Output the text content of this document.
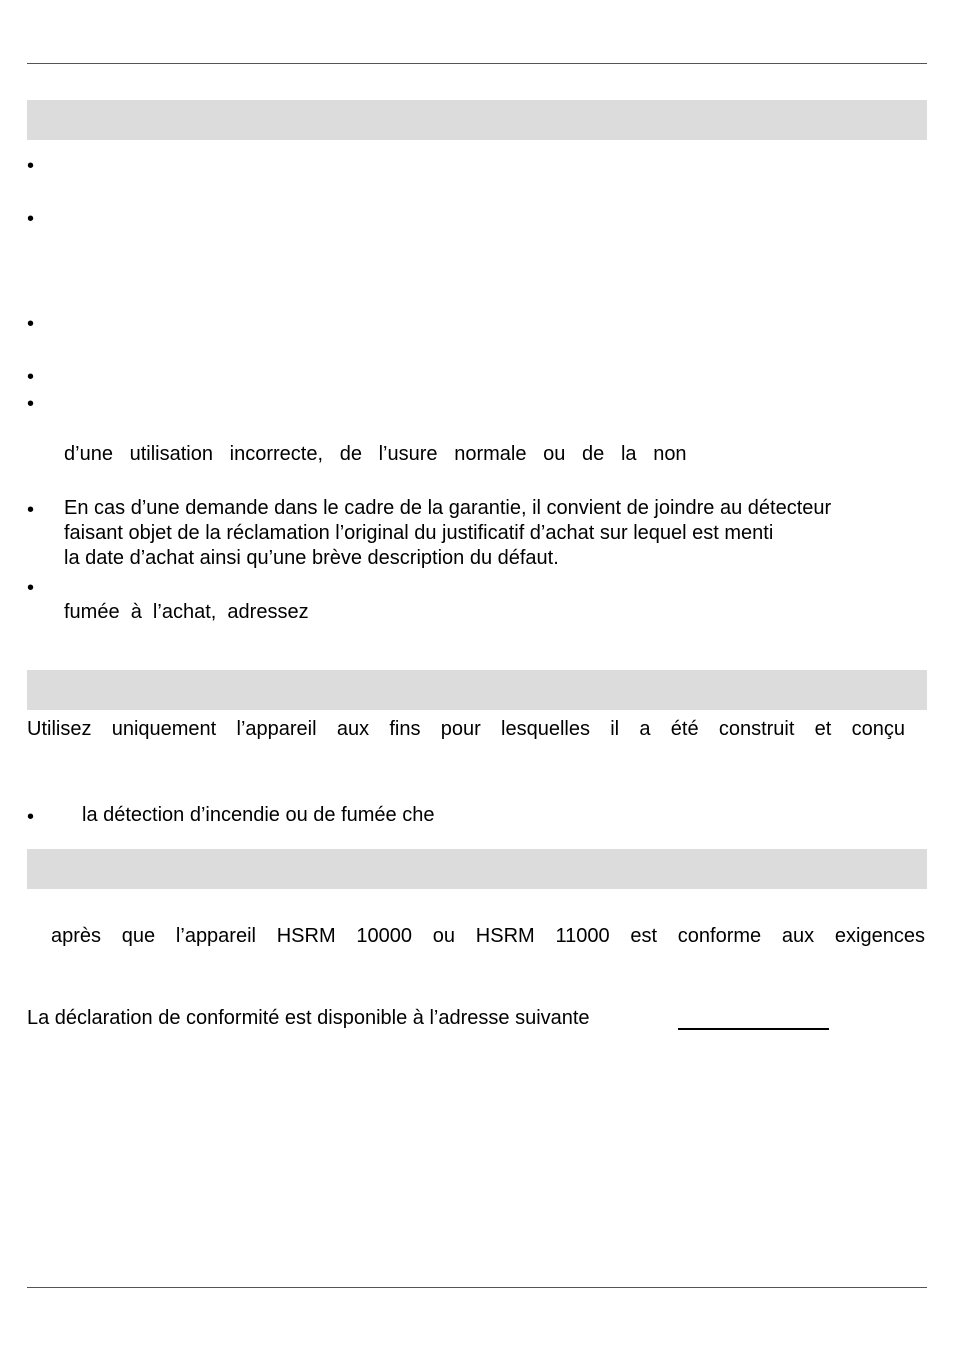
•
•
•
•
•
d’une   utilisation   incorrecte,   de   l’usure   normale   ou   de   la   non
• En cas d’une demande dans le cadre de la garantie, il convient de joindre au détecteur
faisant objet de la réclamation l’original du justificatif d’achat sur lequel est menti
la date d’achat ainsi qu’une brève description du défaut.
•
fumée  à  l’achat,  adressez
Utilisez uniquement l’appareil aux fins pour lesquelles il a été construit et conçu
• la détection d’incendie ou de fumée che
après que l’appareil HSRM 10000 ou HSRM 11000 est conforme aux exigences
La déclaration de conformité est disponible à l’adresse suivante
